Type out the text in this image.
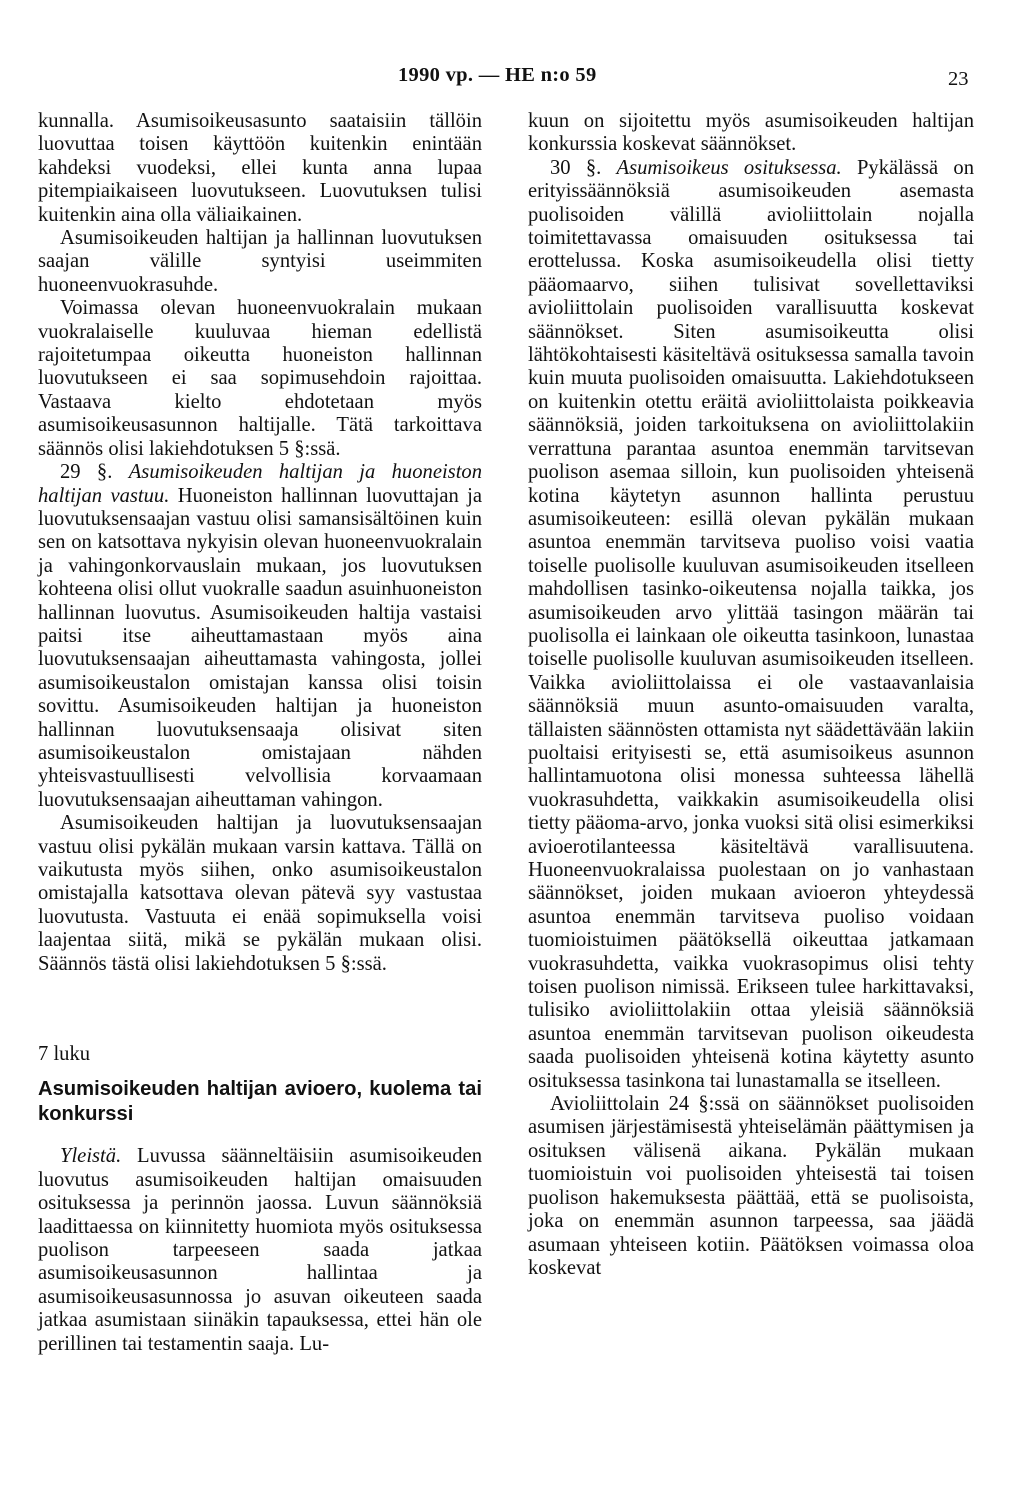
1990 vp. — HE n:o 59	23

kunnalla. Asumisoikeusasunto saataisiin tällöin luovuttaa toisen käyttöön kuitenkin enintään kahdeksi vuodeksi, ellei kunta anna lupaa pitempiaikaiseen luovutukseen. Luovutuksen tulisi kuitenkin aina olla väliaikainen.

Asumisoikeuden haltijan ja hallinnan luovutuksen saajan välille syntyisi useimmiten huoneenvuokrasuhde.

Voimassa olevan huoneenvuokralain mukaan vuokralaiselle kuuluvaa hieman edellistä rajoitetumpaa oikeutta huoneiston hallinnan luovutukseen ei saa sopimusehdoin rajoittaa. Vastaava kielto ehdotetaan myös asumisoikeusasunnon haltijalle. Tätä tarkoittava säännös olisi lakiehdotuksen 5 §:ssä.

29 §. Asumisoikeuden haltijan ja huoneiston haltijan vastuu. Huoneiston hallinnan luovuttajan ja luovutuksensaajan vastuu olisi samansisältöinen kuin sen on katsottava nykyisin olevan huoneenvuokralain ja vahingonkorvauslain mukaan, jos luovutuksen kohteena olisi ollut vuokralle saadun asuinhuoneiston hallinnan luovutus. Asumisoikeuden haltija vastaisi paitsi itse aiheuttamastaan myös aina luovutuksensaajan aiheuttamasta vahingosta, jollei asumisoikeustalon omistajan kanssa olisi toisin sovittu. Asumisoikeuden haltijan ja huoneiston hallinnan luovutuksensaaja olisivat siten asumisoikeustalon omistajaan nähden yhteisvastuullisesti velvollisia korvaamaan luovutuksensaajan aiheuttaman vahingon.

Asumisoikeuden haltijan ja luovutuksensaajan vastuu olisi pykälän mukaan varsin kattava. Tällä on vaikutusta myös siihen, onko asumisoikeustalon omistajalla katsottava olevan pätevä syy vastustaa luovutusta. Vastuuta ei enää sopimuksella voisi laajentaa siitä, mikä se pykälän mukaan olisi. Säännös tästä olisi lakiehdotuksen 5 §:ssä.

7 luku

Asumisoikeuden haltijan avioero, kuolema tai konkurssi

Yleistä. Luvussa säänneltäisiin asumisoikeuden luovutus asumisoikeuden haltijan omaisuuden osituksessa ja perinnön jaossa. Luvun säännöksiä laadittaessa on kiinnitetty huomiota myös osituksessa puolison tarpeeseen saada jatkaa asumisoikeusasunnon hallintaa ja asumisoikeusasunnossa jo asuvan oikeuteen saada jatkaa asumistaan siinäkin tapauksessa, ettei hän ole perillinen tai testamentin saaja. Lu-

kuun on sijoitettu myös asumisoikeuden haltijan konkurssia koskevat säännökset.

30 §. Asumisoikeus osituksessa. Pykälässä on erityissäännöksiä asumisoikeuden asemasta puolisoiden välillä avioliittolain nojalla toimitettavassa omaisuuden osituksessa tai erottelussa. Koska asumisoikeudella olisi tietty pääomaarvo, siihen tulisivat sovellettaviksi avioliittolain puolisoiden varallisuutta koskevat säännökset. Siten asumisoikeutta olisi lähtökohtaisesti käsiteltävä osituksessa samalla tavoin kuin muuta puolisoiden omaisuutta. Lakiehdotukseen on kuitenkin otettu eräitä avioliittolaista poikkeavia säännöksiä, joiden tarkoituksena on avioliittolakiin verrattuna parantaa asuntoa enemmän tarvitsevan puolison asemaa silloin, kun puolisoiden yhteisenä kotina käytetyn asunnon hallinta perustuu asumisoikeuteen: esillä olevan pykälän mukaan asuntoa enemmän tarvitseva puoliso voisi vaatia toiselle puolisolle kuuluvan asumisoikeuden itselleen mahdollisen tasinko-oikeutensa nojalla taikka, jos asumisoikeuden arvo ylittää tasingon määrän tai puolisolla ei lainkaan ole oikeutta tasinkoon, lunastaa toiselle puolisolle kuuluvan asumisoikeuden itselleen. Vaikka avioliittolaissa ei ole vastaavanlaisia säännöksiä muun asunto-omaisuuden varalta, tällaisten säännösten ottamista nyt säädettävään lakiin puoltaisi erityisesti se, että asumisoikeus asunnon hallintamuotona olisi monessa suhteessa lähellä vuokrasuhdetta, vaikkakin asumisoikeudella olisi tietty pääoma-arvo, jonka vuoksi sitä olisi esimerkiksi avioerotilanteessa käsiteltävä varallisuutena. Huoneenvuokralaissa puolestaan on jo vanhastaan säännökset, joiden mukaan avioeron yhteydessä asuntoa enemmän tarvitseva puoliso voidaan tuomioistuimen päätöksellä oikeuttaa jatkamaan vuokrasuhdetta, vaikka vuokrasopimus olisi tehty toisen puolison nimissä. Erikseen tulee harkittavaksi, tulisiko avioliittolakiin ottaa yleisiä säännöksiä asuntoa enemmän tarvitsevan puolison oikeudesta saada puolisoiden yhteisenä kotina käytetty asunto osituksessa tasinkona tai lunastamalla se itselleen.

Avioliittolain 24 §:ssä on säännökset puolisoiden asumisen järjestämisestä yhteiselämän päättymisen ja osituksen välisenä aikana. Pykälän mukaan tuomioistuin voi puolisoiden yhteisestä tai toisen puolison hakemuksesta päättää, että se puolisoista, joka on enemmän asunnon tarpeessa, saa jäädä asumaan yhteiseen kotiin. Päätöksen voimassa oloa koskevat
